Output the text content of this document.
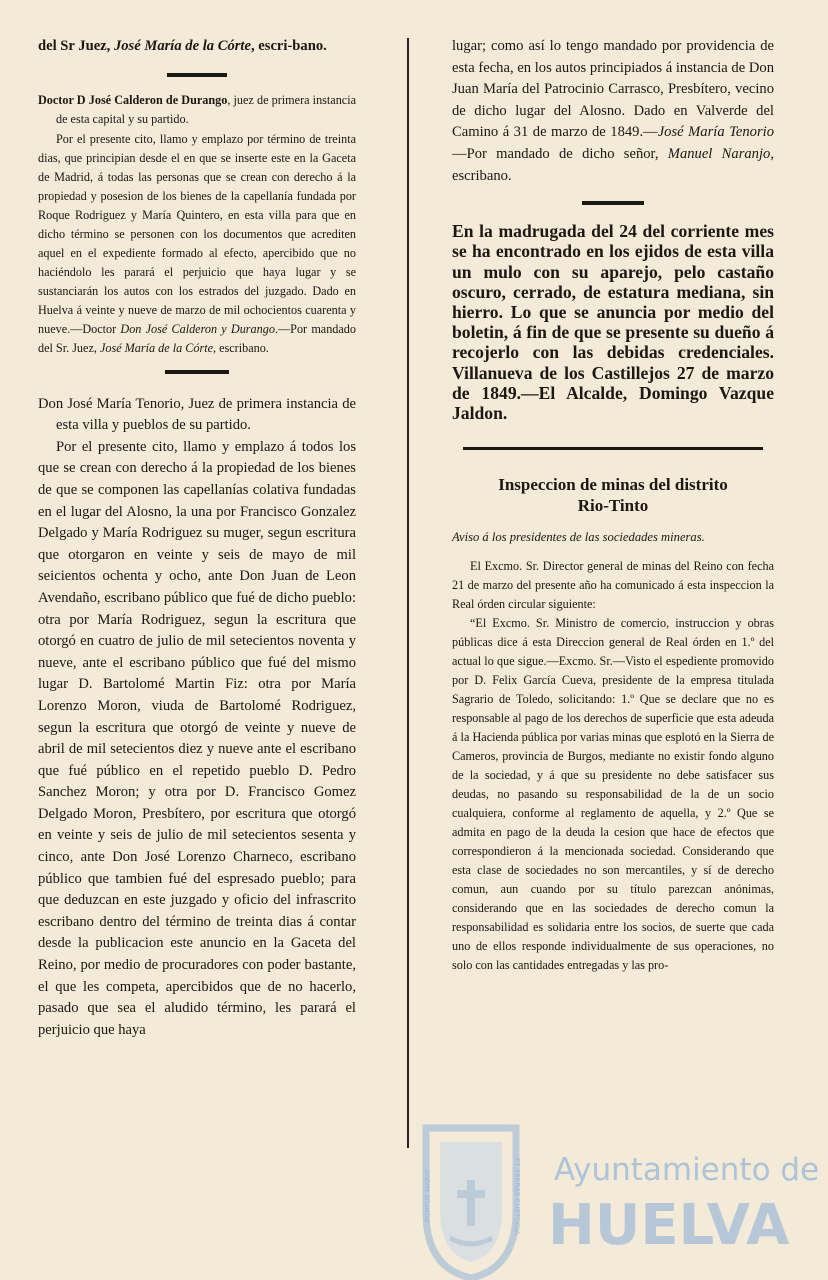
del Sr Juez, José María de la Córte, escri-bano.

Doctor D José Calderon de Durango, juez de primera instancia de esta capital y su partido.

Por el presente cito, llamo y emplazo por término de treinta dias, que principian desde el en que se inserte este en la Gaceta de Madrid, á todas las personas que se crean con derecho á la propiedad y posesion de los bienes de la capellanía fundada por Roque Rodriguez y María Quintero, en esta villa para que en dicho término se personen con los documentos que acrediten aquel en el expediente formado al efecto, apercibido que no haciéndolo les parará el perjuicio que haya lugar y se sustanciarán los autos con los estrados del juzgado. Dado en Huelva á veinte y nueve de marzo de mil ochocientos cuarenta y nueve.—Doctor Don José Calderon y Durango.—Por mandado del Sr. Juez, José María de la Córte, escribano.

Don José María Tenorio, Juez de primera instancia de esta villa y pueblos de su partido.

Por el presente cito, llamo y emplazo á todos los que se crean con derecho á la propiedad de los bienes de que se componen las capellanías colativa fundadas en el lugar del Alosno, la una por Francisco Gonzalez Delgado y María Rodriguez su muger, segun escritura que otorgaron en veinte y seis de mayo de mil seicientos ochenta y ocho, ante Don Juan de Leon Avendaño, escribano público que fué de dicho pueblo: otra por María Rodriguez, segun la escritura que otorgó en cuatro de julio de mil setecientos noventa y nueve, ante el escribano público que fué del mismo lugar D. Bartolomé Martin Fiz: otra por María Lorenzo Moron, viuda de Bartolomé Rodriguez, segun la escritura que otorgó de veinte y nueve de abril de mil setecientos diez y nueve ante el escribano que fué público en el repetido pueblo D. Pedro Sanchez Moron; y otra por D. Francisco Gomez Delgado Moron, Presbítero, por escritura que otorgó en veinte y seis de julio de mil setecientos sesenta y cinco, ante Don José Lorenzo Charneco, escribano público que tambien fué del espresado pueblo; para que deduzcan en este juzgado y oficio del infrascrito escribano dentro del término de treinta dias á contar desde la publicacion este anuncio en la Gaceta del Reino, por medio de procuradores con poder bastante, el que les competa, apercibidos que de no hacerlo, pasado que sea el aludido término, les parará el perjuicio que haya

lugar; como así lo tengo mandado por providencia de esta fecha, en los autos principiados á instancia de Don Juan María del Patrocinio Carrasco, Presbítero, vecino de dicho lugar del Alosno. Dado en Valverde del Camino á 31 de marzo de 1849.—José María Tenorio —Por mandado de dicho señor, Manuel Naranjo, escribano.

En la madrugada del 24 del corriente mes se ha encontrado en los ejidos de esta villa un mulo con su aparejo, pelo castaño oscuro, cerrado, de estatura mediana, sin hierro. Lo que se anuncia por medio del boletin, á fin de que se presente su dueño á recojerlo con las debidas credenciales. Villanueva de los Castillejos 27 de marzo de 1849.—El Alcalde, Domingo Vazque Jaldon.

Inspeccion de minas del distrito

Rio-Tinto

Aviso á los presidentes de las sociedades mineras.

El Excmo. Sr. Director general de minas del Reino con fecha 21 de marzo del presente año ha comunicado á esta inspeccion la Real órden circular siguiente:

“El Excmo. Sr. Ministro de comercio, instruccion y obras públicas dice á esta Direccion general de Real órden en 1.º del actual lo que sigue.—Excmo. Sr.—Visto el espediente promovido por D. Felix García Cueva, presidente de la empresa titulada Sagrario de Toledo, solicitando: 1.º Que se declare que no es responsable al pago de los derechos de superficie que esta adeuda á la Hacienda pública por varias minas que esplotó en la Sierra de Cameros, provincia de Burgos, mediante no existir fondo alguno de la sociedad, y á que su presidente no debe satisfacer sus deudas, no pasando su responsabilidad de la de un socio cualquiera, conforme al reglamento de aquella, y 2.º Que se admita en pago de la deuda la cesion que hace de efectos que correspondieron á la mencionada sociedad. Considerando que esta clase de sociedades no son mercantiles, y sí de derecho comun, aun cuando por su título parezcan anónimas, considerando que en las sociedades de derecho comun la responsabilidad es solidaria entre los socios, de suerte que cada uno de ellos responde individualmente de sus operaciones, no solo con las cantidades entregadas y las pro-

PORTUS MARIS	ET TERRAE CUSTODIA Ayuntamiento de
HUELVA
